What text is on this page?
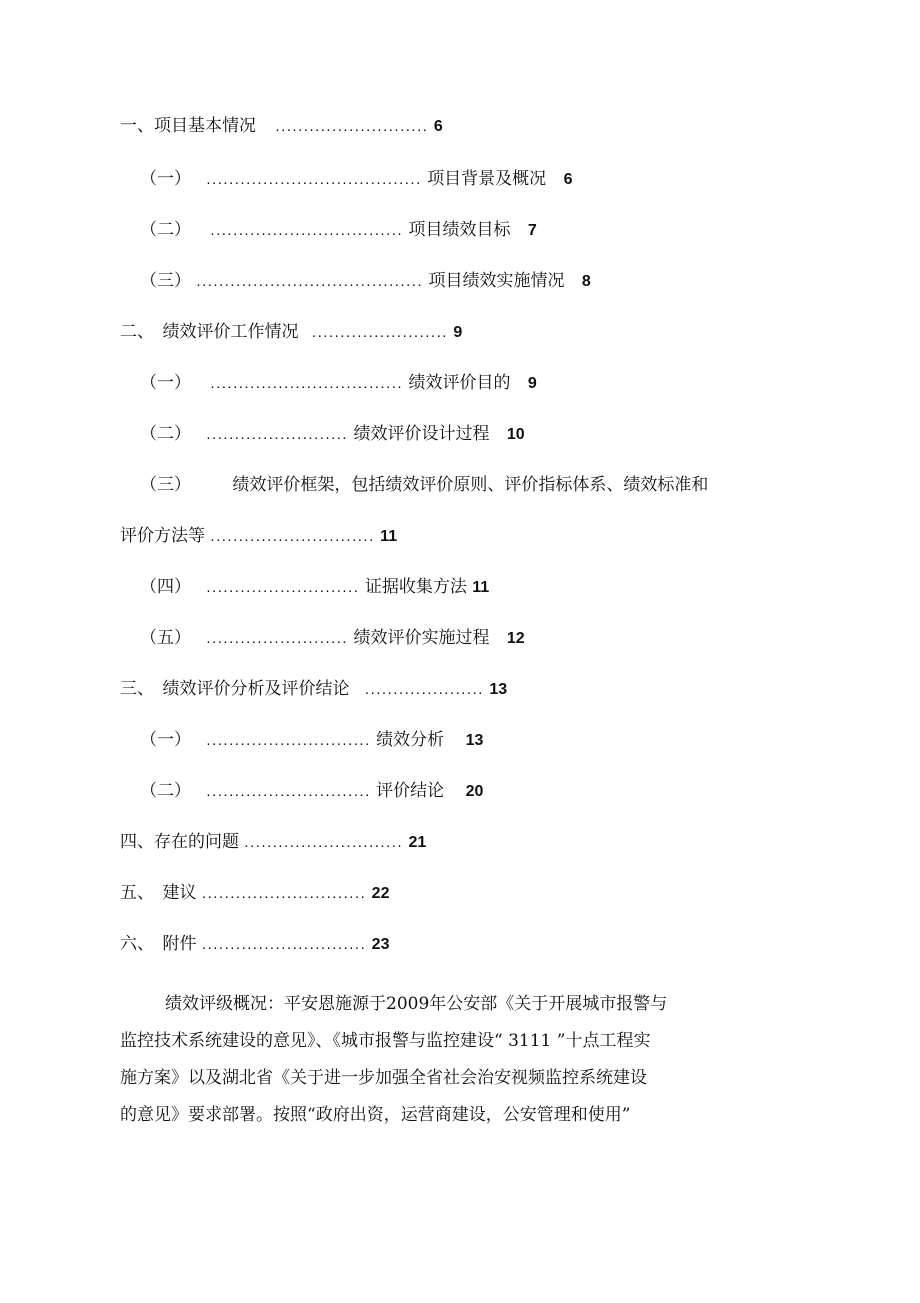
一、项目基本情况 ........................... 6
（一） ...................................... 项目背景及概况 6
（二） .................................. 项目绩效目标 7
（三） ........................................ 项目绩效实施情况 8
二、　绩效评价工作情况 ........................ 9
（一） .................................. 绩效评价目的 9
（二） ......................... 绩效评价设计过程 10
（三） 绩效评价框架，包括绩效评价原则、评价指标体系、绩效标准和
评价方法等 ............................. 11
（四） ........................... 证据收集方法 11
（五） ......................... 绩效评价实施过程 12
三、　绩效评价分析及评价结论 ..................... 13
（一） ............................. 绩效分析 13
（二） ............................. 评价结论 20
四、存在的问题 ............................ 21
五、　建议 ............................. 22
六、　附件 ............................. 23
绩效评级概况：平安恩施源于2009年公安部《关于开展城市报警与
监控技术系统建设的意见》、《城市报警与监控建设“ 3111 ”十点工程实
施方案》以及湖北省《关于进一步加强全省社会治安视频监控系统建设
的意见》要求部署。按照“政府出资，运营商建设，公安管理和使用”
